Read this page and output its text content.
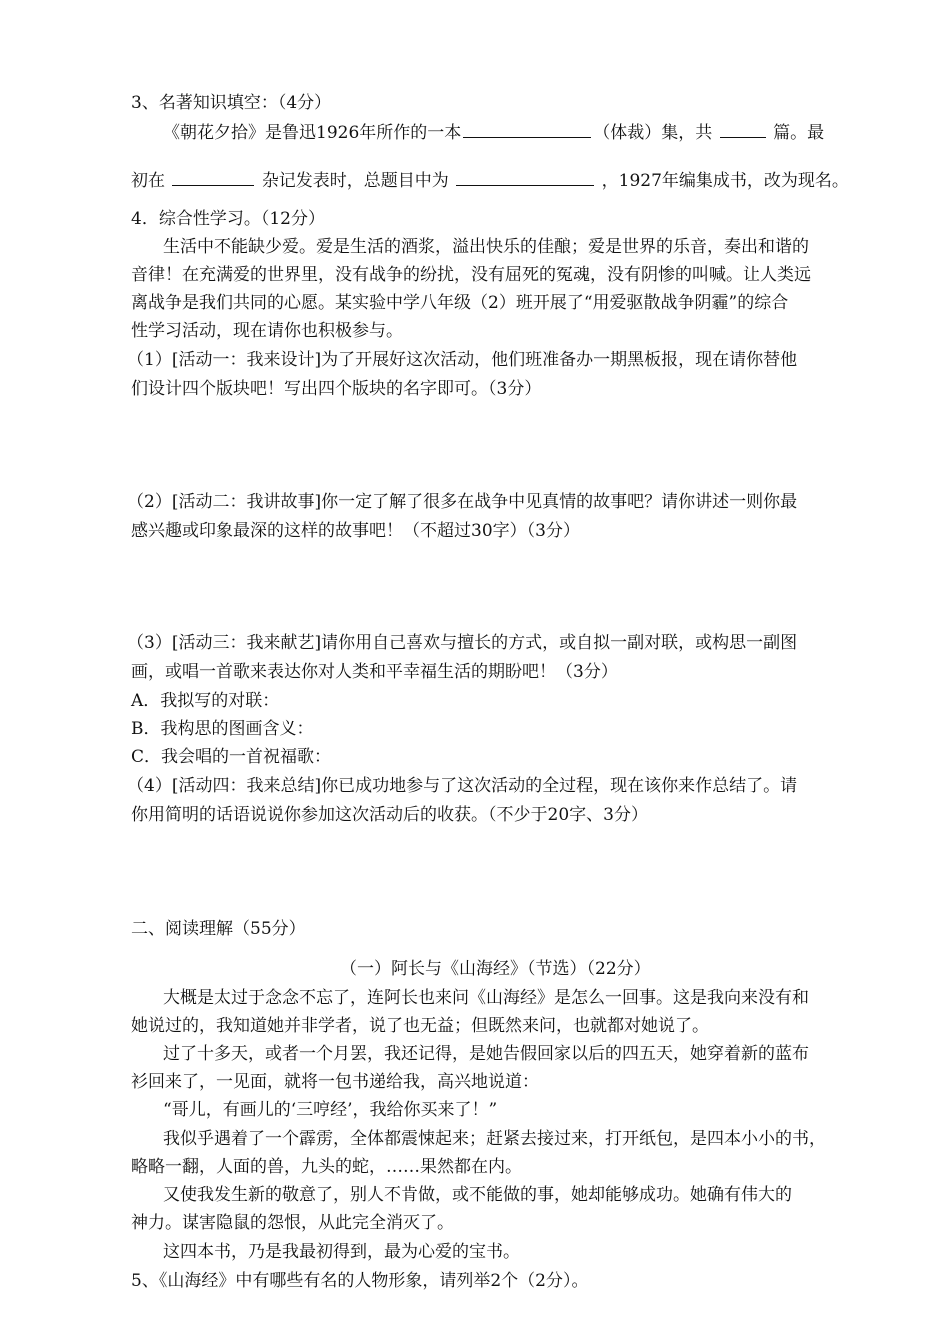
3、名著知识填空：（4分）
《朝花夕拾》是鲁迅1926年所作的一本	（体裁）集，共	篇。最
初在	杂记发表时，总题目中为	，1927年编集成书，改为现名。
4．综合性学习。（12分）
生活中不能缺少爱。爱是生活的酒浆，溢出快乐的佳酿；爱是世界的乐音，奏出和谐的
音律！在充满爱的世界里，没有战争的纷扰，没有屈死的冤魂，没有阴惨的叫喊。让人类远
离战争是我们共同的心愿。某实验中学八年级（2）班开展了“用爱驱散战争阴霾”的综合
性学习活动，现在请你也积极参与。
（1）[活动一：我来设计]为了开展好这次活动，他们班准备办一期黑板报，现在请你替他
们设计四个版块吧！写出四个版块的名字即可。（3分）
（2）[活动二：我讲故事]你一定了解了很多在战争中见真情的故事吧？请你讲述一则你最
感兴趣或印象最深的这样的故事吧！（不超过30字）（3分）
（3）[活动三：我来献艺]请你用自己喜欢与擅长的方式，或自拟一副对联，或构思一副图
画，或唱一首歌来表达你对人类和平幸福生活的期盼吧！（3分）
A．我拟写的对联：
B．我构思的图画含义：
C．我会唱的一首祝福歌：
（4）[活动四：我来总结]你已成功地参与了这次活动的全过程，现在该你来作总结了。请
你用简明的话语说说你参加这次活动后的收获。（不少于20字、3分）
二、阅读理解（55分）
（一）阿长与《山海经》（节选）（22分）
大概是太过于念念不忘了，连阿长也来问《山海经》是怎么一回事。这是我向来没有和
她说过的，我知道她并非学者，说了也无益；但既然来问，也就都对她说了。
过了十多天，或者一个月罢，我还记得，是她告假回家以后的四五天，她穿着新的蓝布
衫回来了，一见面，就将一包书递给我，高兴地说道：
“哥儿，有画儿的‘三哼经’，我给你买来了！”
我似乎遇着了一个霹雳，全体都震悚起来；赶紧去接过来，打开纸包，是四本小小的书，
略略一翻，人面的兽，九头的蛇，……果然都在内。
又使我发生新的敬意了，别人不肯做，或不能做的事，她却能够成功。她确有伟大的
神力。谋害隐鼠的怨恨，从此完全消灭了。
这四本书，乃是我最初得到，最为心爱的宝书。
5、《山海经》中有哪些有名的人物形象，请列举2个（2分）。
